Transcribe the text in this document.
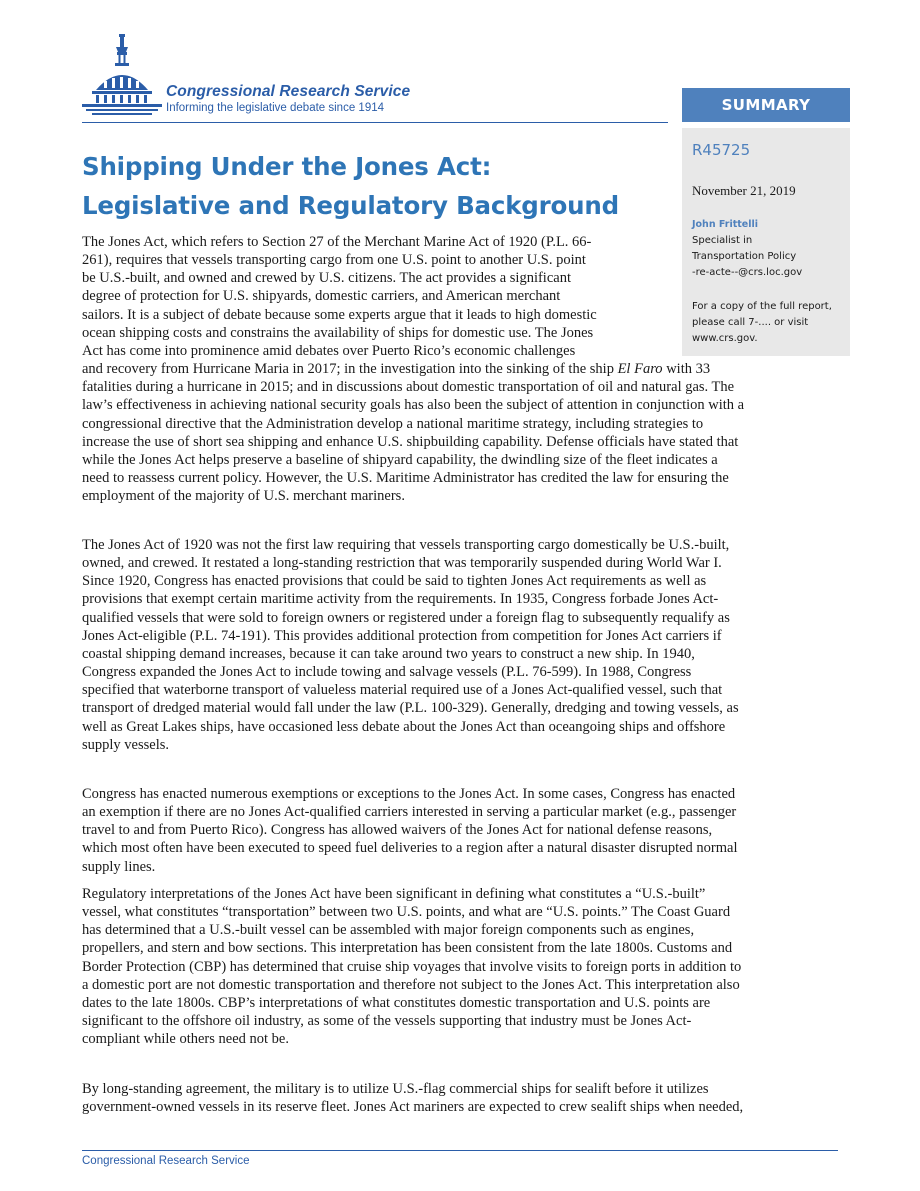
Congressional Research Service
Informing the legislative debate since 1914	SUMMARY
R45725
November 21, 2019
John Frittelli
Specialist in
Transportation Policy
-re-acte--@crs.loc.gov
For a copy of the full report,
please call 7-.... or visit
www.crs.gov.
Shipping Under the Jones Act:
Legislative and Regulatory Background
The Jones Act, which refers to Section 27 of the Merchant Marine Act of 1920 (P.L. 66-
261), requires that vessels transporting cargo from one U.S. point to another U.S. point
be U.S.-built, and owned and crewed by U.S. citizens. The act provides a significant
degree of protection for U.S. shipyards, domestic carriers, and American merchant
sailors. It is a subject of debate because some experts argue that it leads to high domestic
ocean shipping costs and constrains the availability of ships for domestic use. The Jones
Act has come into prominence amid debates over Puerto Rico’s economic challenges
and recovery from Hurricane Maria in 2017; in the investigation into the sinking of the ship El Faro with 33
fatalities during a hurricane in 2015; and in discussions about domestic transportation of oil and natural gas. The
law’s effectiveness in achieving national security goals has also been the subject of attention in conjunction with a
congressional directive that the Administration develop a national maritime strategy, including strategies to
increase the use of short sea shipping and enhance U.S. shipbuilding capability. Defense officials have stated that
while the Jones Act helps preserve a baseline of shipyard capability, the dwindling size of the fleet indicates a
need to reassess current policy. However, the U.S. Maritime Administrator has credited the law for ensuring the
employment of the majority of U.S. merchant mariners.
The Jones Act of 1920 was not the first law requiring that vessels transporting cargo domestically be U.S.-built,
owned, and crewed. It restated a long-standing restriction that was temporarily suspended during World War I.
Since 1920, Congress has enacted provisions that could be said to tighten Jones Act requirements as well as
provisions that exempt certain maritime activity from the requirements. In 1935, Congress forbade Jones Act-
qualified vessels that were sold to foreign owners or registered under a foreign flag to subsequently requalify as
Jones Act-eligible (P.L. 74-191). This provides additional protection from competition for Jones Act carriers if
coastal shipping demand increases, because it can take around two years to construct a new ship. In 1940,
Congress expanded the Jones Act to include towing and salvage vessels (P.L. 76-599). In 1988, Congress
specified that waterborne transport of valueless material required use of a Jones Act-qualified vessel, such that
transport of dredged material would fall under the law (P.L. 100-329). Generally, dredging and towing vessels, as
well as Great Lakes ships, have occasioned less debate about the Jones Act than oceangoing ships and offshore
supply vessels.
Congress has enacted numerous exemptions or exceptions to the Jones Act. In some cases, Congress has enacted
an exemption if there are no Jones Act-qualified carriers interested in serving a particular market (e.g., passenger
travel to and from Puerto Rico). Congress has allowed waivers of the Jones Act for national defense reasons,
which most often have been executed to speed fuel deliveries to a region after a natural disaster disrupted normal
supply lines.
Regulatory interpretations of the Jones Act have been significant in defining what constitutes a “U.S.-built”
vessel, what constitutes “transportation” between two U.S. points, and what are “U.S. points.” The Coast Guard
has determined that a U.S.-built vessel can be assembled with major foreign components such as engines,
propellers, and stern and bow sections. This interpretation has been consistent from the late 1800s. Customs and
Border Protection (CBP) has determined that cruise ship voyages that involve visits to foreign ports in addition to
a domestic port are not domestic transportation and therefore not subject to the Jones Act. This interpretation also
dates to the late 1800s. CBP’s interpretations of what constitutes domestic transportation and U.S. points are
significant to the offshore oil industry, as some of the vessels supporting that industry must be Jones Act-
compliant while others need not be.
By long-standing agreement, the military is to utilize U.S.-flag commercial ships for sealift before it utilizes
government-owned vessels in its reserve fleet. Jones Act mariners are expected to crew sealift ships when needed,
Congressional Research Service
